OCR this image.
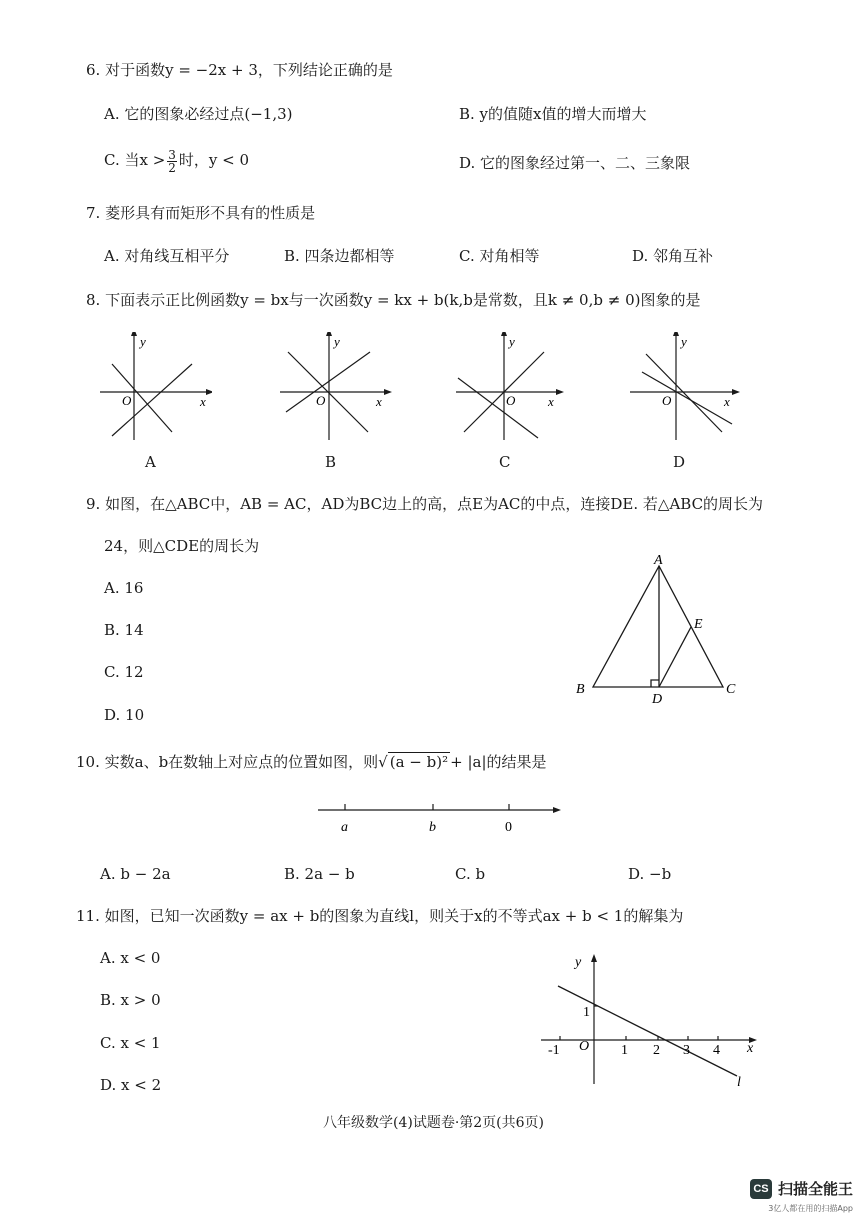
6. 对于函数y = −2x + 3，下列结论正确的是
A. 它的图象必经过点(−1,3)	B. y的值随x值的增大而增大
C. 当$x > \frac{3}{2}$ 时，y < 0	D. 它的图象经过第一、二、三象限
7. 菱形具有而矩形不具有的性质是
A. 对角线互相平分	B. 四条边都相等	C. 对角相等	D. 邻角互补
8. 下面表示正比例函数y = bx与一次函数y = kx + b(k,b是常数，且k ≠ 0,b ≠ 0)图象的是
y
x
O
y
x
O
y
x
O
y
x
O
A	B	C	D
9. 如图，在△ABC中，AB = AC，AD为BC边上的高，点E为AC的中点，连接DE. 若△ABC的周长为
24，则△CDE的周长为
A. 16
B. 14
C. 12
D. 10
A
B	C
D
E
10. 实数a、b在数轴上对应点的位置如图，则√ (a − b)² + |a|的结果是
a	b	0
A. b − 2a	B. 2a − b	C. b	D. −b
11. 如图，已知一次函数y = ax + b的图象为直线l，则关于x的不等式ax + b < 1的解集为
A. x < 0
B. x > 0
C. x < 1
D. x < 2
y
x
O
1
-1	1 2 3 4
l
八年级数学(4)试题卷·第2页(共6页)
CS 扫描全能王
3亿人都在用的扫描App
